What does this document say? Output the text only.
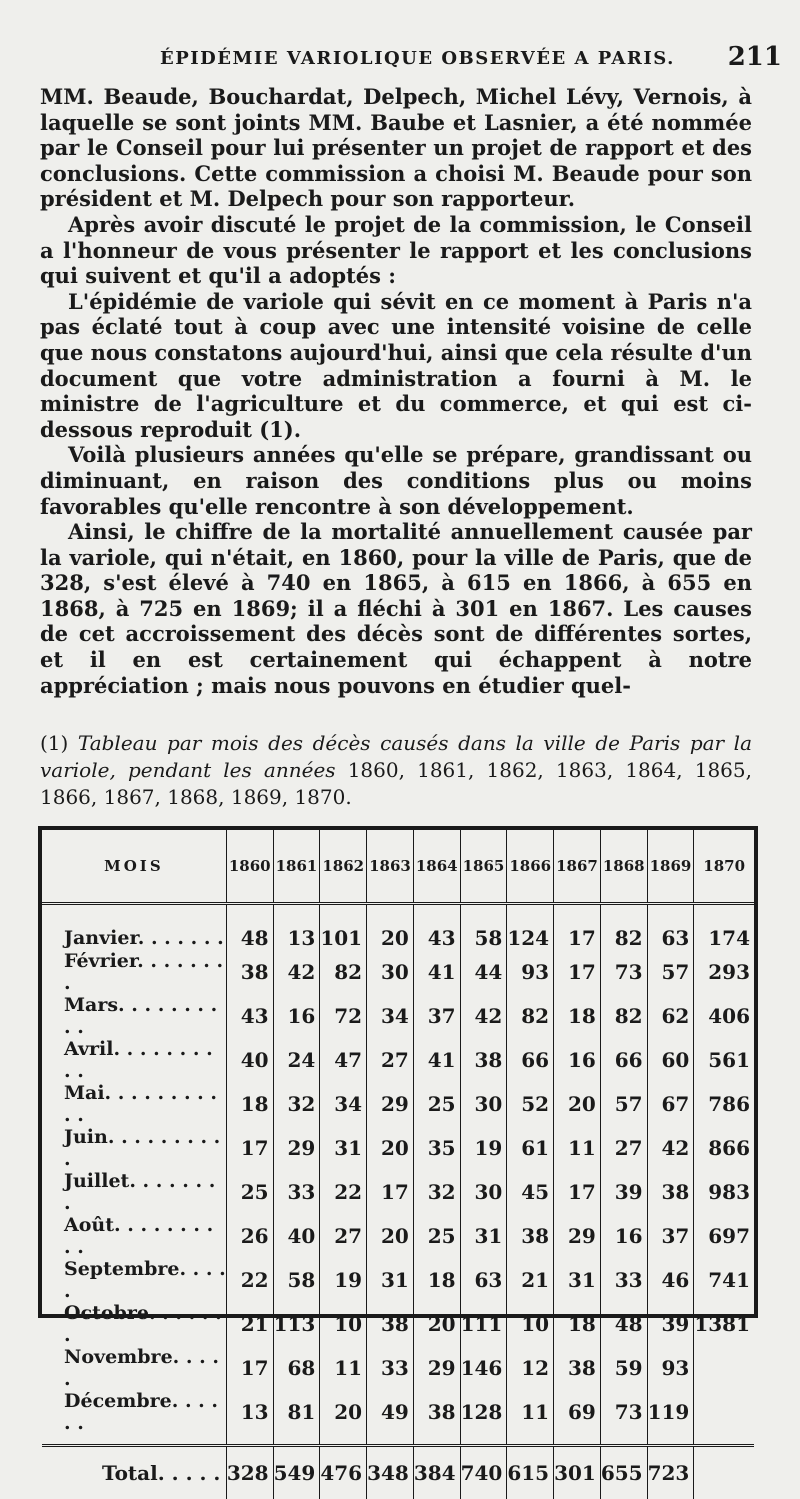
ÉPIDÉMIE VARIOLIQUE OBSERVÉE A PARIS. 211

MM. Beaude, Bouchardat, Delpech, Michel Lévy, Vernois, à laquelle se sont joints MM. Baube et Lasnier, a été nommée par le Conseil pour lui présenter un projet de rapport et des conclusions. Cette commission a choisi M. Beaude pour son président et M. Delpech pour son rapporteur.

Après avoir discuté le projet de la commission, le Conseil a l'honneur de vous présenter le rapport et les conclusions qui suivent et qu'il a adoptés :

L'épidémie de variole qui sévit en ce moment à Paris n'a pas éclaté tout à coup avec une intensité voisine de celle que nous constatons aujourd'hui, ainsi que cela résulte d'un document que votre administration a fourni à M. le ministre de l'agriculture et du commerce, et qui est ci-dessous reproduit (1).

Voilà plusieurs années qu'elle se prépare, grandissant ou diminuant, en raison des conditions plus ou moins favorables qu'elle rencontre à son développement.

Ainsi, le chiffre de la mortalité annuellement causée par la variole, qui n'était, en 1860, pour la ville de Paris, que de 328, s'est élevé à 740 en 1865, à 615 en 1866, à 655 en 1868, à 725 en 1869; il a fléchi à 301 en 1867. Les causes de cet accroissement des décès sont de différentes sortes, et il en est certainement qui échappent à notre appréciation ; mais nous pouvons en étudier quel-

(1) Tableau par mois des décès causés dans la ville de Paris par la variole, pendant les années 1860, 1861, 1862, 1863, 1864, 1865, 1866, 1867, 1868, 1869, 1870.
MOIS	1860	1861	1862	1863	1864	1865	1866	1867	1868	1869	1870
Janvier. . . . . . .	48	13	101	20	43	58	124	17	82	63	174
Février. . . . . . . .	38	42	82	30	41	44	93	17	73	57	293
Mars. . . . . . . . . .	43	16	72	34	37	42	82	18	82	62	406
Avril. . . . . . . . . .	40	24	47	27	41	38	66	16	66	60	561
Mai. . . . . . . . . . .	18	32	34	29	25	30	52	20	57	67	786
Juin. . . . . . . . . .	17	29	31	20	35	19	61	11	27	42	866
Juillet. . . . . . . .	25	33	22	17	32	30	45	17	39	38	983
Août. . . . . . . . . .	26	40	27	20	25	31	38	29	16	37	697
Septembre. . . . .	22	58	19	31	18	63	21	31	33	46	741
Octobre. . . . . . .	21	113	10	38	20	111	10	18	48	39	1381
Novembre. . . . .	17	68	11	33	29	146	12	38	59	93	
Décembre. . . . . .	13	81	20	49	38	128	11	69	73	119	
Total. . . . .	328	549	476	348	384	740	615	301	655	723	
